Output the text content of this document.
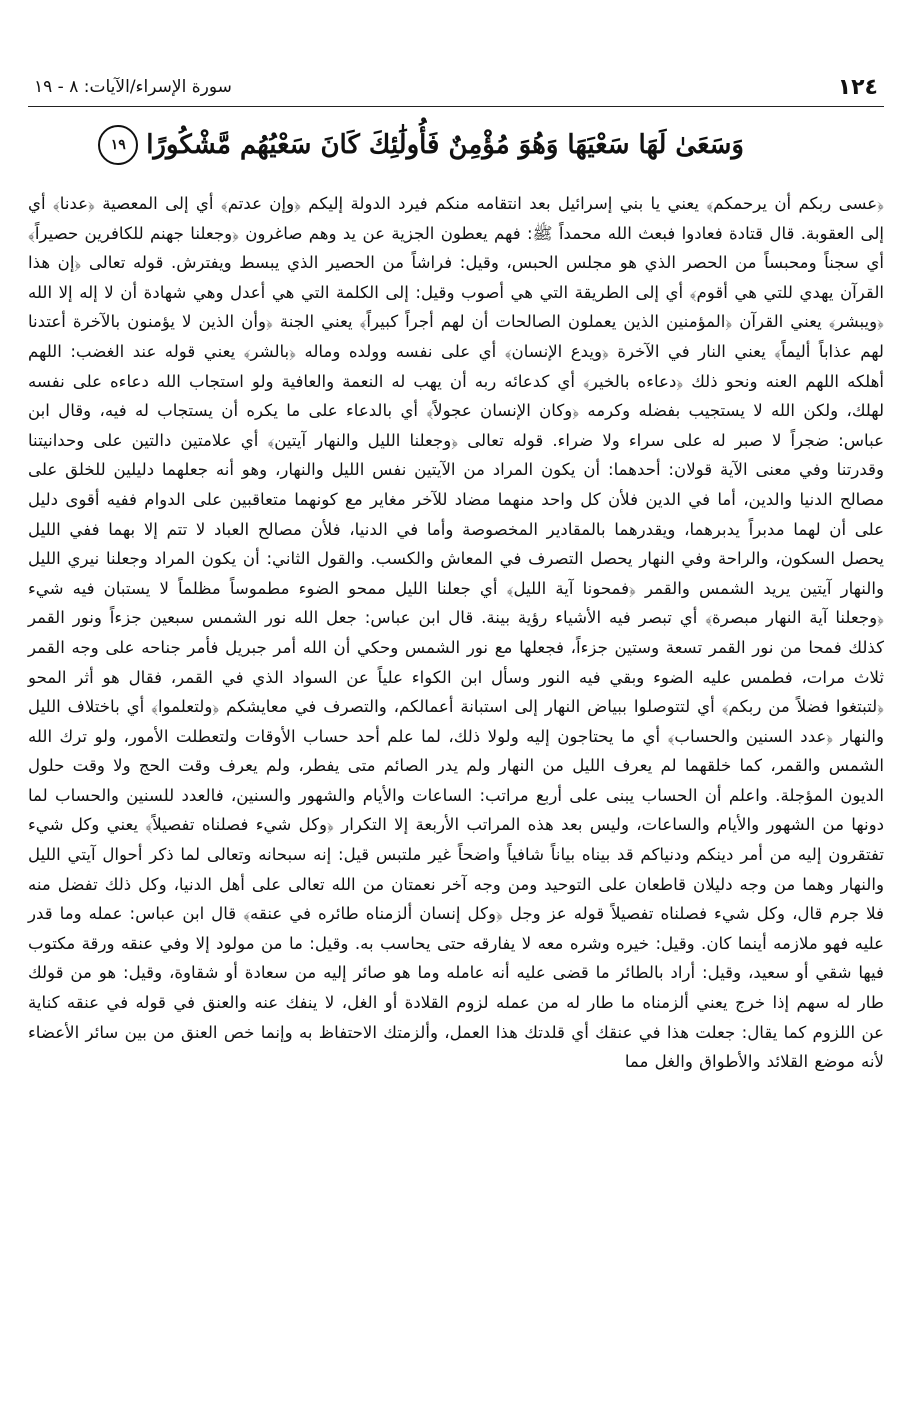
١٢٤
سورة الإسراء/الآيات: ٨ - ١٩
وَسَعَىٰ لَهَا سَعْيَهَا وَهُوَ مُؤْمِنٌ فَأُولَٰئِكَ كَانَ سَعْيُهُم مَّشْكُورًا
١٩

﴿عسى ربكم أن يرحمكم﴾ يعني يا بني إسرائيل بعد انتقامه منكم فيرد الدولة إليكم ﴿وإن عدتم﴾ أي إلى المعصية ﴿عدنا﴾ أي إلى العقوبة. قال قتادة فعادوا فبعث الله محمداً ﷺ: فهم يعطون الجزية عن يد وهم صاغرون ﴿وجعلنا جهنم للكافرين حصيراً﴾ أي سجناً ومحبساً من الحصر الذي هو مجلس الحبس، وقيل: فراشاً من الحصير الذي يبسط ويفترش. قوله تعالى ﴿إن هذا القرآن يهدي للتي هي أقوم﴾ أي إلى الطريقة التي هي أصوب وقيل: إلى الكلمة التي هي أعدل وهي شهادة أن لا إله إلا الله ﴿ويبشر﴾ يعني القرآن ﴿المؤمنين الذين يعملون الصالحات أن لهم أجراً كبيراً﴾ يعني الجنة ﴿وأن الذين لا يؤمنون بالآخرة أعتدنا لهم عذاباً أليماً﴾ يعني النار في الآخرة ﴿ويدع الإنسان﴾ أي على نفسه وولده وماله ﴿بالشر﴾ يعني قوله عند الغضب: اللهم أهلكه اللهم العنه ونحو ذلك ﴿دعاءه بالخير﴾ أي كدعائه ربه أن يهب له النعمة والعافية ولو استجاب الله دعاءه على نفسه لهلك، ولكن الله لا يستجيب بفضله وكرمه ﴿وكان الإنسان عجولاً﴾ أي بالدعاء على ما يكره أن يستجاب له فيه، وقال ابن عباس: ضجراً لا صبر له على سراء ولا ضراء. قوله تعالى ﴿وجعلنا الليل والنهار آيتين﴾ أي علامتين دالتين على وحدانيتنا وقدرتنا وفي معنى الآية قولان: أحدهما: أن يكون المراد من الآيتين نفس الليل والنهار، وهو أنه جعلهما دليلين للخلق على مصالح الدنيا والدين، أما في الدين فلأن كل واحد منهما مضاد للآخر مغاير مع كونهما متعاقبين على الدوام ففيه أقوى دليل على أن لهما مدبراً يدبرهما، ويقدرهما بالمقادير المخصوصة وأما في الدنيا، فلأن مصالح العباد لا تتم إلا بهما ففي الليل يحصل السكون، والراحة وفي النهار يحصل التصرف في المعاش والكسب. والقول الثاني: أن يكون المراد وجعلنا نيري الليل والنهار آيتين يريد الشمس والقمر ﴿فمحونا آية الليل﴾ أي جعلنا الليل ممحو الضوء مطموساً مظلماً لا يستبان فيه شيء ﴿وجعلنا آية النهار مبصرة﴾ أي تبصر فيه الأشياء رؤية بينة. قال ابن عباس: جعل الله نور الشمس سبعين جزءاً ونور القمر كذلك فمحا من نور القمر تسعة وستين جزءاً، فجعلها مع نور الشمس وحكي أن الله أمر جبريل فأمر جناحه على وجه القمر ثلاث مرات، فطمس عليه الضوء وبقي فيه النور وسأل ابن الكواء علياً عن السواد الذي في القمر، فقال هو أثر المحو ﴿لتبتغوا فضلاً من ربكم﴾ أي لتتوصلوا ببياض النهار إلى استبانة أعمالكم، والتصرف في معايشكم ﴿ولتعلموا﴾ أي باختلاف الليل والنهار ﴿عدد السنين والحساب﴾ أي ما يحتاجون إليه ولولا ذلك، لما علم أحد حساب الأوقات ولتعطلت الأمور، ولو ترك الله الشمس والقمر، كما خلقهما لم يعرف الليل من النهار ولم يدر الصائم متى يفطر، ولم يعرف وقت الحج ولا وقت حلول الديون المؤجلة. واعلم أن الحساب يبنى على أربع مراتب: الساعات والأيام والشهور والسنين، فالعدد للسنين والحساب لما دونها من الشهور والأيام والساعات، وليس بعد هذه المراتب الأربعة إلا التكرار ﴿وكل شيء فصلناه تفصيلاً﴾ يعني وكل شيء تفتقرون إليه من أمر دينكم ودنياكم قد بيناه بياناً شافياً واضحاً غير ملتبس قيل: إنه سبحانه وتعالى لما ذكر أحوال آيتي الليل والنهار وهما من وجه دليلان قاطعان على التوحيد ومن وجه آخر نعمتان من الله تعالى على أهل الدنيا، وكل ذلك تفضل منه فلا جرم قال، وكل شيء فصلناه تفصيلاً قوله عز وجل ﴿وكل إنسان ألزمناه طائره في عنقه﴾ قال ابن عباس: عمله وما قدر عليه فهو ملازمه أينما كان. وقيل: خيره وشره معه لا يفارقه حتى يحاسب به. وقيل: ما من مولود إلا وفي عنقه ورقة مكتوب فيها شقي أو سعيد، وقيل: أراد بالطائر ما قضى عليه أنه عامله وما هو صائر إليه من سعادة أو شقاوة، وقيل: هو من قولك طار له سهم إذا خرج يعني ألزمناه ما طار له من عمله لزوم القلادة أو الغل، لا ينفك عنه والعنق في قوله في عنقه كناية عن اللزوم كما يقال: جعلت هذا في عنقك أي قلدتك هذا العمل، وألزمتك الاحتفاظ به وإنما خص العنق من بين سائر الأعضاء لأنه موضع القلائد والأطواق والغل مما
